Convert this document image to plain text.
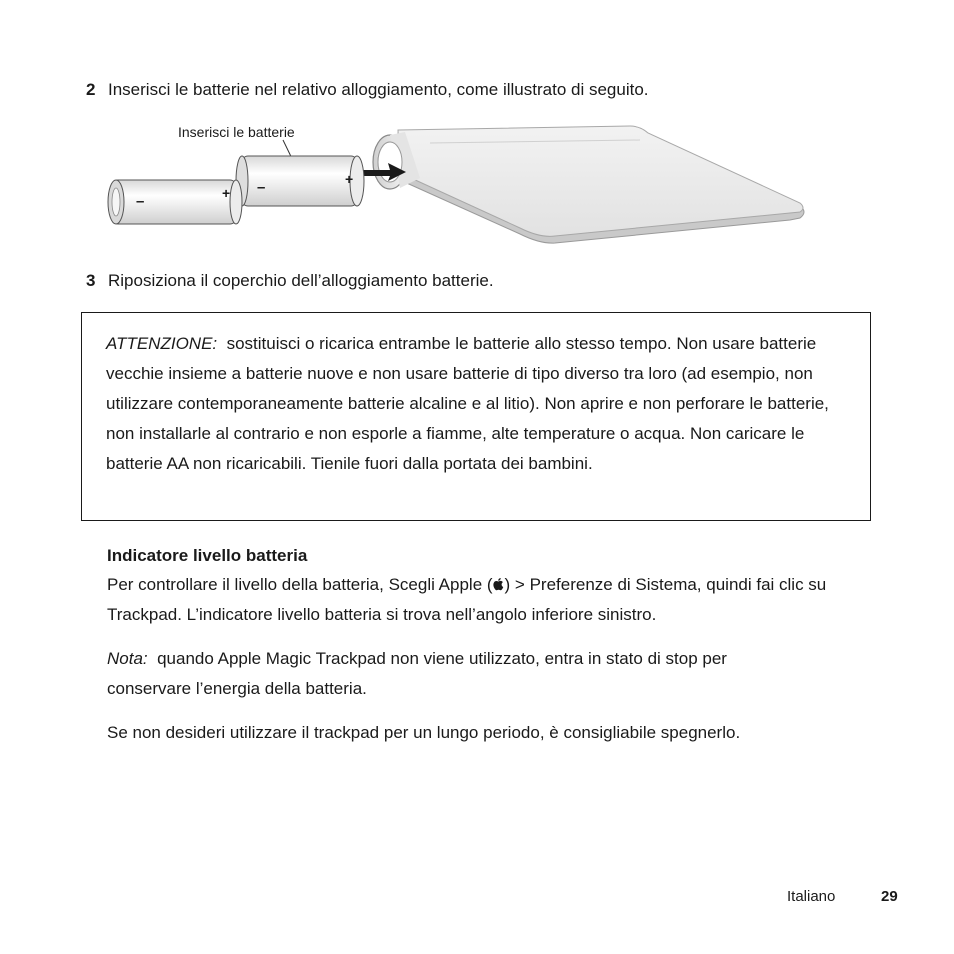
2 Inserisci le batterie nel relativo alloggiamento, come illustrato di seguito.
Inserisci le batterie
–	+
–	+
3 Riposiziona il coperchio dell’alloggiamento batterie.

ATTENZIONE: sostituisci o ricarica entrambe le batterie allo stesso tempo. Non usare batterie vecchie insieme a batterie nuove e non usare batterie di tipo diverso tra loro (ad esempio, non utilizzare contemporaneamente batterie alcaline e al litio). Non aprire e non perforare le batterie, non installarle al contrario e non esporle a fiamme, alte temperature o acqua. Non caricare le batterie AA non ricaricabili. Tienile fuori dalla portata dei bambini.

Indicatore livello batteria

Per controllare il livello della batteria, Scegli Apple ( ) > Preferenze di Sistema, quindi fai clic su Trackpad. L’indicatore livello batteria si trova nell’angolo inferiore sinistro.

Nota: quando Apple Magic Trackpad non viene utilizzato, entra in stato di stop per conservare l’energia della batteria.

Se non desideri utilizzare il trackpad per un lungo periodo, è consigliabile spegnerlo.

Italiano	29
